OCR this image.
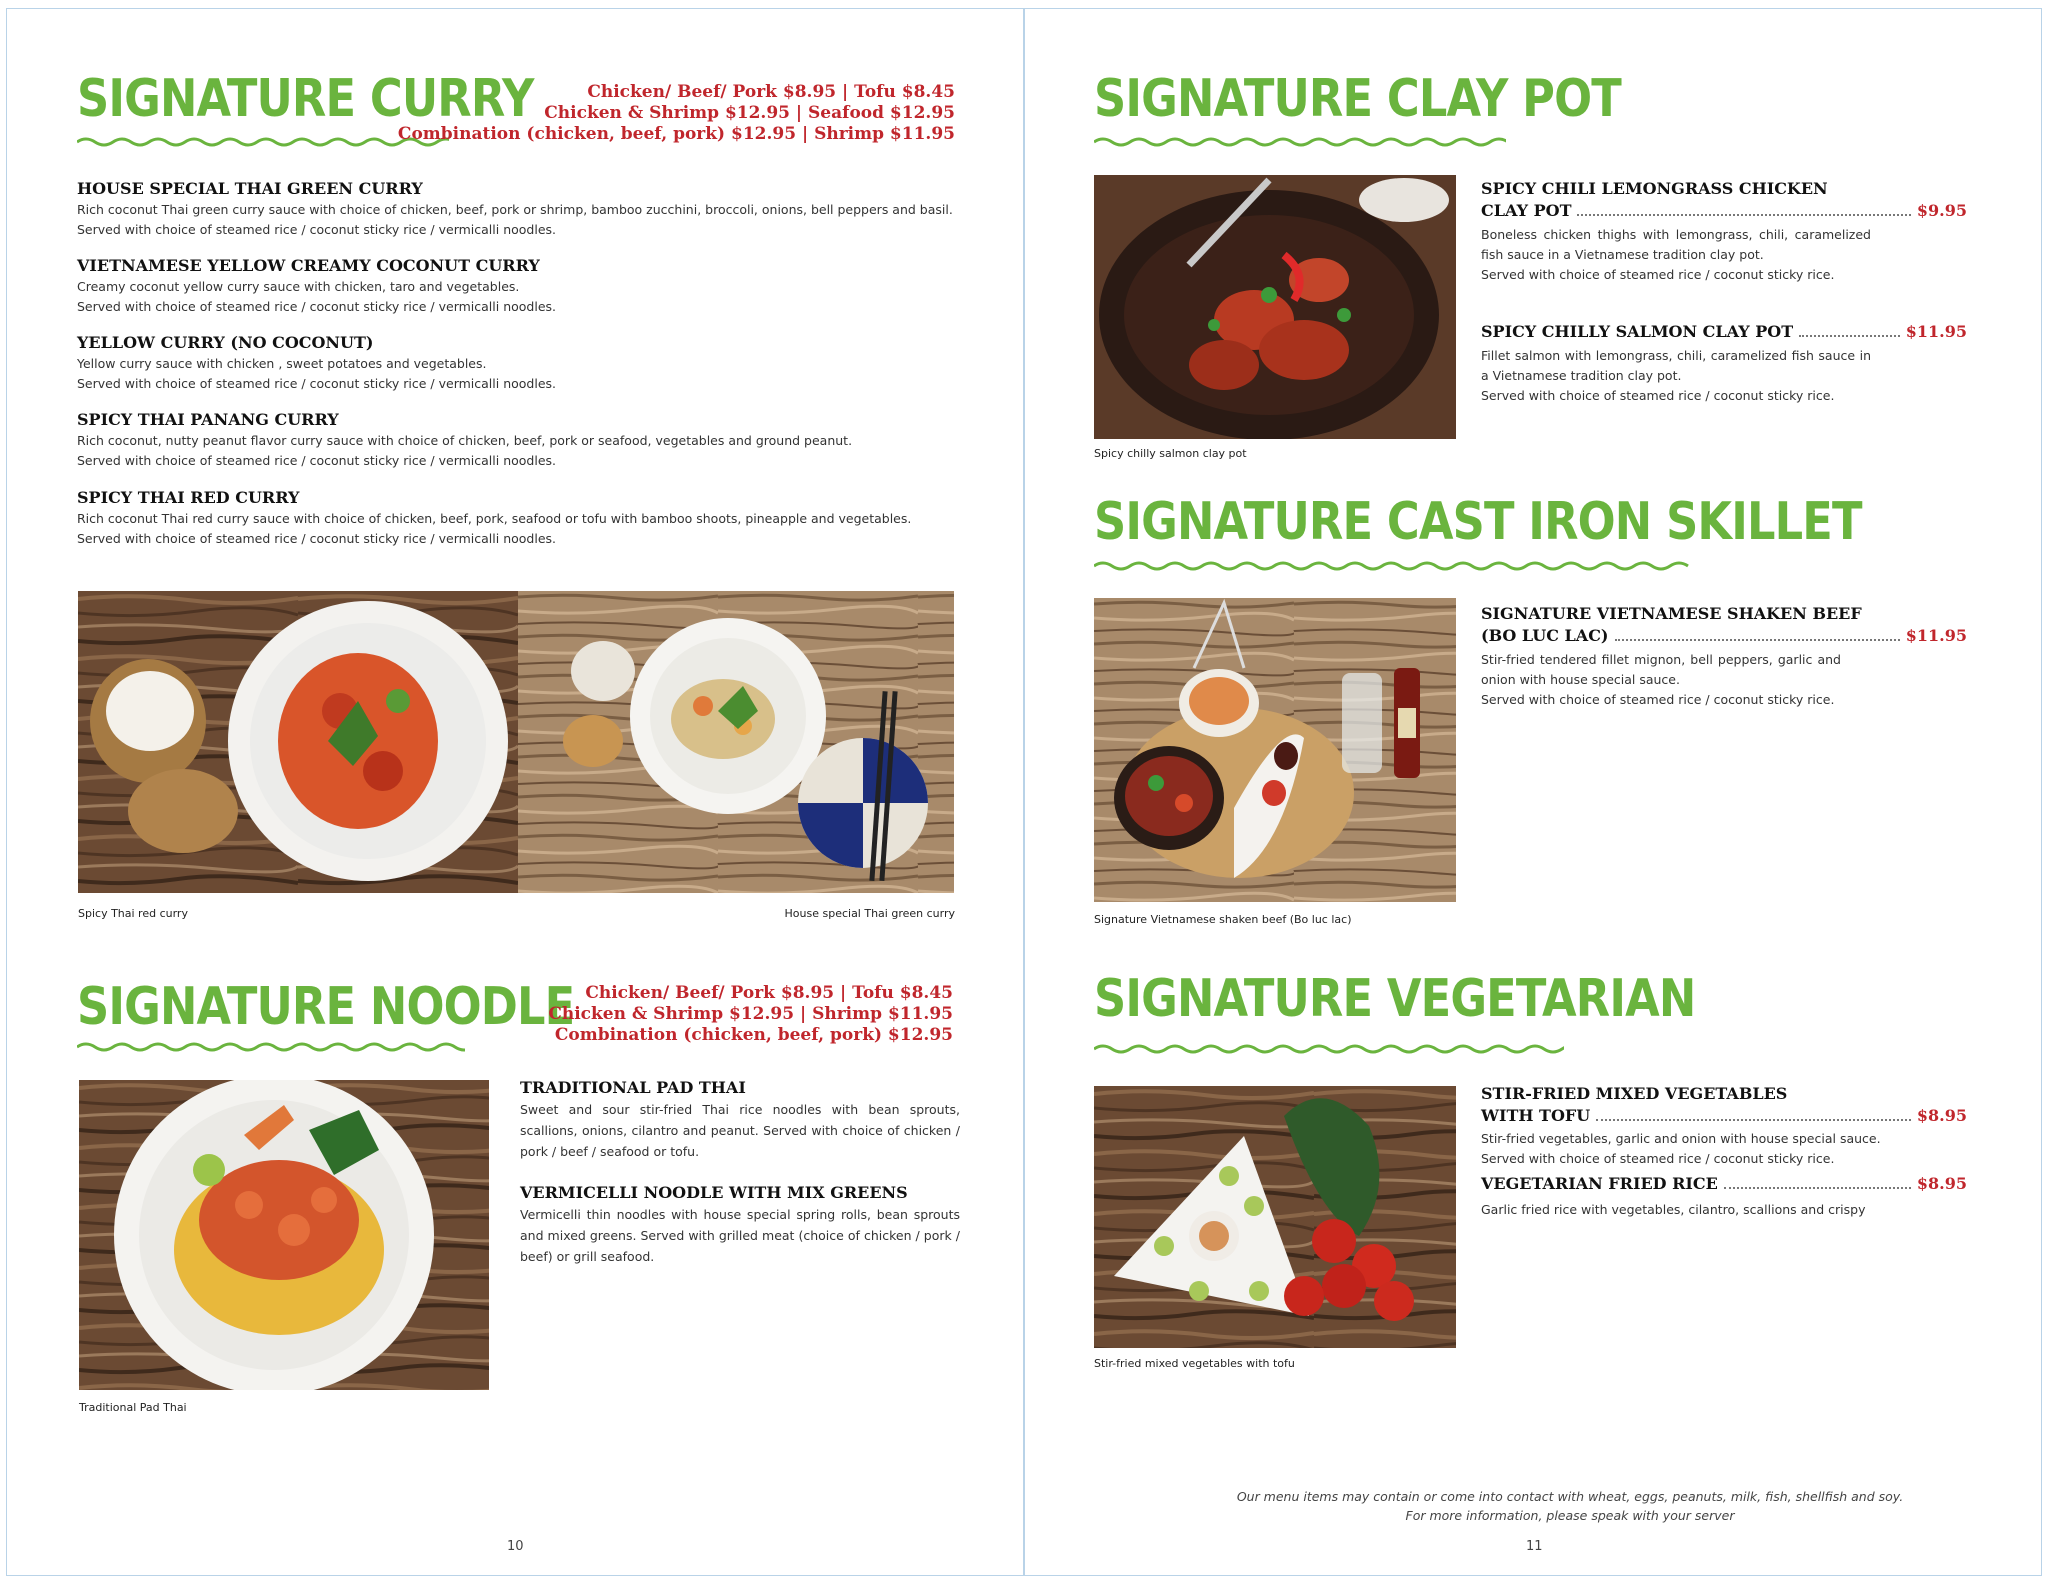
SIGNATURE CURRY	Chicken/ Beef/ Pork $8.95 | Tofu $8.45
Chicken & Shrimp $12.95 | Seafood $12.95
Combination (chicken, beef, pork) $12.95 | Shrimp $11.95
HOUSE SPECIAL THAI GREEN CURRY
Rich coconut Thai green curry sauce with choice of chicken, beef, pork or shrimp, bamboo zucchini, broccoli, onions, bell peppers and basil.
Served with choice of steamed rice / coconut sticky rice / vermicalli noodles.
VIETNAMESE YELLOW CREAMY COCONUT CURRY
Creamy coconut yellow curry sauce with chicken, taro and vegetables.
Served with choice of steamed rice / coconut sticky rice / vermicalli noodles.
YELLOW CURRY (NO COCONUT)
Yellow curry sauce with chicken , sweet potatoes and vegetables.
Served with choice of steamed rice / coconut sticky rice / vermicalli noodles.
SPICY THAI PANANG CURRY
Rich coconut, nutty peanut flavor curry sauce with choice of chicken, beef, pork or seafood, vegetables and ground peanut.
Served with choice of steamed rice / coconut sticky rice / vermicalli noodles.
SPICY THAI RED CURRY
Rich coconut Thai red curry sauce with choice of chicken, beef, pork, seafood or tofu with bamboo shoots, pineapple and vegetables.
Served with choice of steamed rice / coconut sticky rice / vermicalli noodles.
Spicy Thai red curry	House special Thai green curry
SIGNATURE NOODLE Chicken/ Beef/ Pork $8.95 | Tofu $8.45
Chicken & Shrimp $12.95 | Shrimp $11.95
Combination (chicken, beef, pork) $12.95
Traditional Pad Thai
TRADITIONAL PAD THAI
Sweet and sour stir-fried Thai rice noodles with bean sprouts, scallions, onions, cilantro and peanut. Served with choice of chicken / pork / beef / seafood or tofu.
VERMICELLI NOODLE WITH MIX GREENS
Vermicelli thin noodles with house special spring rolls, bean sprouts and mixed greens. Served with grilled meat (choice of chicken / pork / beef) or grill seafood.
10
SIGNATURE CLAY POT
Spicy chilly salmon clay pot
SPICY CHILI LEMONGRASS CHICKEN
CLAY POT	$9.95
Boneless chicken thighs with lemongrass, chili, caramelized fish sauce in a Vietnamese tradition clay pot.
Served with choice of steamed rice / coconut sticky rice.
SPICY CHILLY SALMON CLAY POT	$11.95
Fillet salmon with lemongrass, chili, caramelized fish sauce in a Vietnamese tradition clay pot.
Served with choice of steamed rice / coconut sticky rice.
SIGNATURE CAST IRON SKILLET
Signature Vietnamese shaken beef (Bo luc lac)
SIGNATURE VIETNAMESE SHAKEN BEEF
(BO LUC LAC)	$11.95
Stir-fried tendered fillet mignon, bell peppers, garlic and onion with house special sauce.
Served with choice of steamed rice / coconut sticky rice.
SIGNATURE VEGETARIAN
Stir-fried mixed vegetables with tofu
STIR-FRIED MIXED VEGETABLES
WITH TOFU	$8.95
Stir-fried vegetables, garlic and onion with house special sauce.
Served with choice of steamed rice / coconut sticky rice.
VEGETARIAN FRIED RICE	$8.95
Garlic fried rice with vegetables, cilantro, scallions and crispy
Our menu items may contain or come into contact with wheat, eggs, peanuts, milk, fish, shellfish and soy.
For more information, please speak with your server
11
